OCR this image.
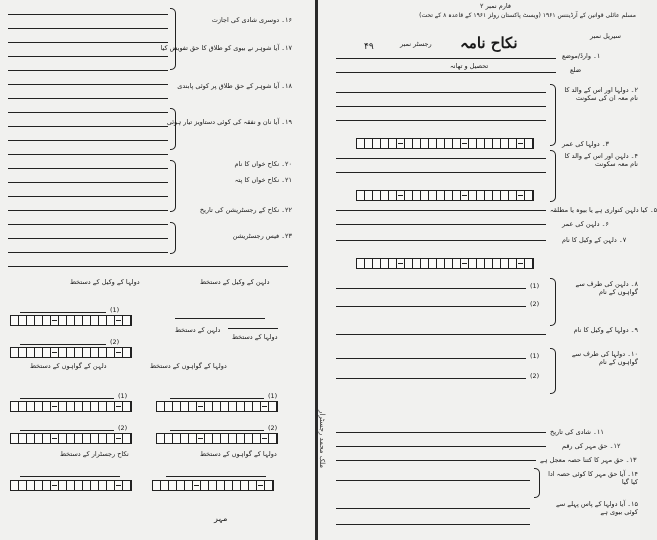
۱۶۔ دوسری شادی کی اجازت
۱۷۔ آیا شوہر نے بیوی کو طلاق کا حق تفویض کیا
۱۸۔ آیا شوہر کے حق طلاق پر کوئی پابندی
۱۹۔ آیا نان و نفقہ کی کوئی دستاویز تیار ہوئی
۲۰۔ نکاح خواں کا نام
۲۱۔ نکاح خواں کا پتہ
۲۲۔ نکاح کے رجسٹریشن کی تاریخ
۲۳۔ فیس رجسٹریشن
دولہا کے وکیل کے دستخط	دلہن کے وکیل کے دستخط
(1)
(2)
دلہن کے دستخط
دولہا کے دستخط
دلہن کے گواہوں کے دستخط	دولہا کے گواہوں کے دستخط
(1)	(1)
(2)	(2)
نکاح رجسٹرار کے دستخط	دولہا کے گواہوں کے دستخط
مہر
ملک محمد رجسٹرار
فارم نمبر ۲
مسلم عائلی قوانین کے آرڈیننس ۱۹۶۱ (ویسٹ پاکستان رولز ۱۹۶۱ کے قاعدہ ۸ کے تحت)
سیریل نمبر
نکاح نامہ
رجسٹر نمبر
۴۹
۱۔ وارڈ/موضع
تحصیل و تھانہ	ضلع
۲۔ دولہا اور اس کے والد کا نام معہ ان کی سکونت
۳۔ دولہا کی عمر
۴۔ دلہن اور اس کے والد کا نام معہ سکونت
۵۔ کیا دلہن کنواری ہے یا بیوہ یا مطلقہ
۶۔ دلہن کی عمر
۷۔ دلہن کے وکیل کا نام
(1)
(2)
۸۔ دلہن کی طرف سے گواہوں کے نام
۹۔ دولہا کے وکیل کا نام
(1)
(2)
۱۰۔ دولہا کی طرف سے گواہوں کے نام
۱۱۔ شادی کی تاریخ
۱۲۔ حق مہر کی رقم
۱۳۔ حق مہر کا کتنا حصہ معجل ہے
۱۴۔ آیا حق مہر کا کوئی حصہ ادا کیا گیا
۱۵۔ آیا دولہا کے پاس پہلے سے کوئی بیوی ہے
